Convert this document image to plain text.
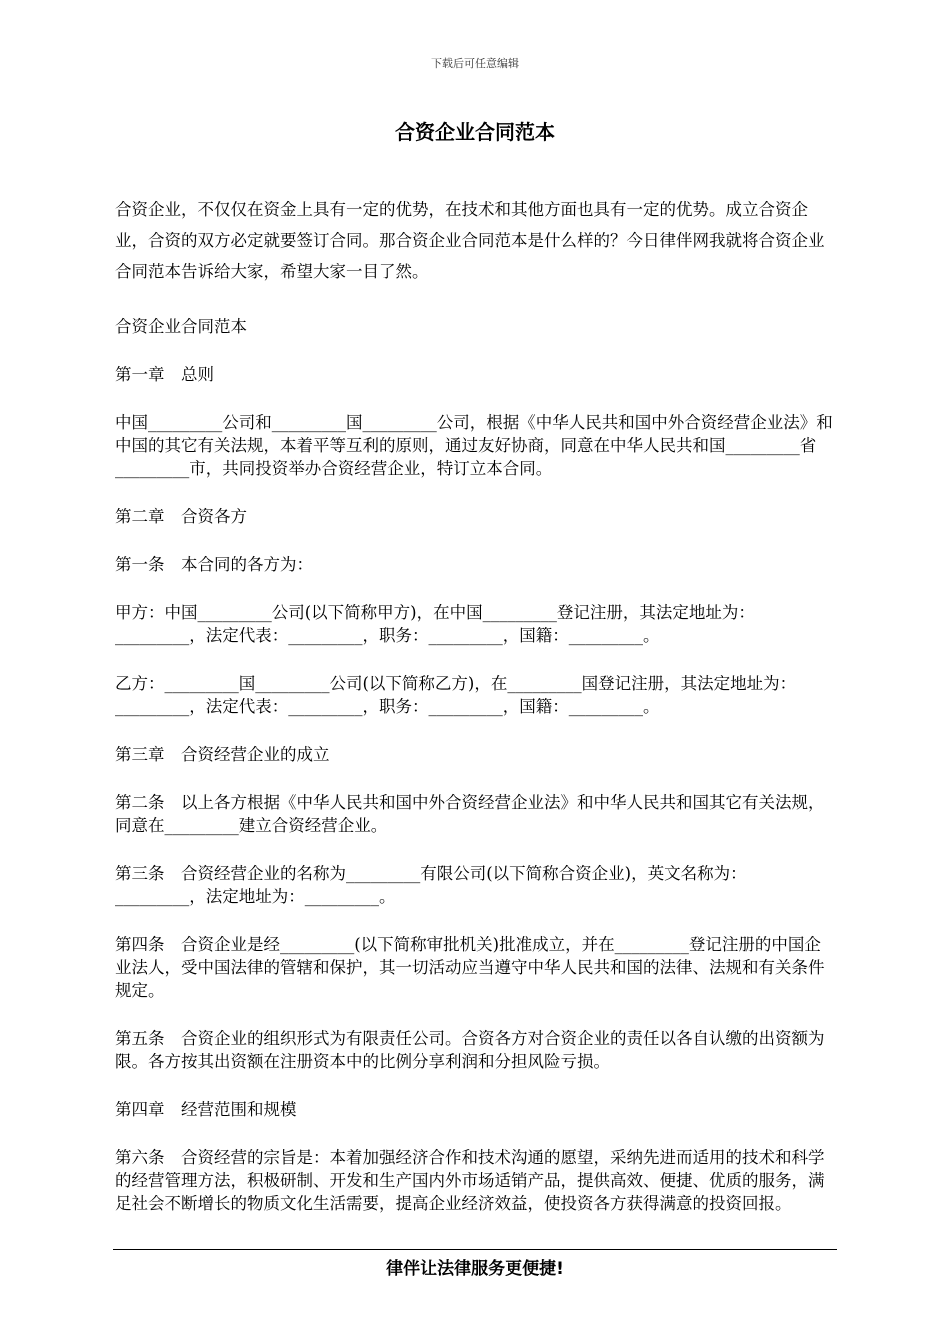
下载后可任意编辑
合资企业合同范本

合资企业，不仅仅在资金上具有一定的优势，在技术和其他方面也具有一定的优势。成立合资企业，合资的双方必定就要签订合同。那合资企业合同范本是什么样的？今日律伴网我就将合资企业合同范本告诉给大家，希望大家一目了然。

合资企业合同范本

第一章　总则

中国_________公司和_________国_________公司，根据《中华人民共和国中外合资经营企业法》和中国的其它有关法规，本着平等互利的原则，通过友好协商，同意在中华人民共和国_________省_________市，共同投资举办合资经营企业，特订立本合同。

第二章　合资各方

第一条　本合同的各方为：

甲方：中国_________公司(以下简称甲方)，在中国_________登记注册，其法定地址为：_________，法定代表：_________，职务：_________，国籍：_________。

乙方：_________国_________公司(以下简称乙方)，在_________国登记注册，其法定地址为：_________，法定代表：_________，职务：_________，国籍：_________。

第三章　合资经营企业的成立

第二条　以上各方根据《中华人民共和国中外合资经营企业法》和中华人民共和国其它有关法规，同意在_________建立合资经营企业。

第三条　合资经营企业的名称为_________有限公司(以下简称合资企业)，英文名称为：_________，法定地址为：_________。

第四条　合资企业是经_________(以下简称审批机关)批准成立，并在_________登记注册的中国企业法人，受中国法律的管辖和保护，其一切活动应当遵守中华人民共和国的法律、法规和有关条件规定。

第五条　合资企业的组织形式为有限责任公司。合资各方对合资企业的责任以各自认缴的出资额为限。各方按其出资额在注册资本中的比例分享利润和分担风险亏损。

第四章　经营范围和规模

第六条　合资经营的宗旨是：本着加强经济合作和技术沟通的愿望，采纳先进而适用的技术和科学的经营管理方法，积极研制、开发和生产国内外市场适销产品，提供高效、便捷、优质的服务，满足社会不断增长的物质文化生活需要，提高企业经济效益，使投资各方获得满意的投资回报。

律伴让法律服务更便捷!
